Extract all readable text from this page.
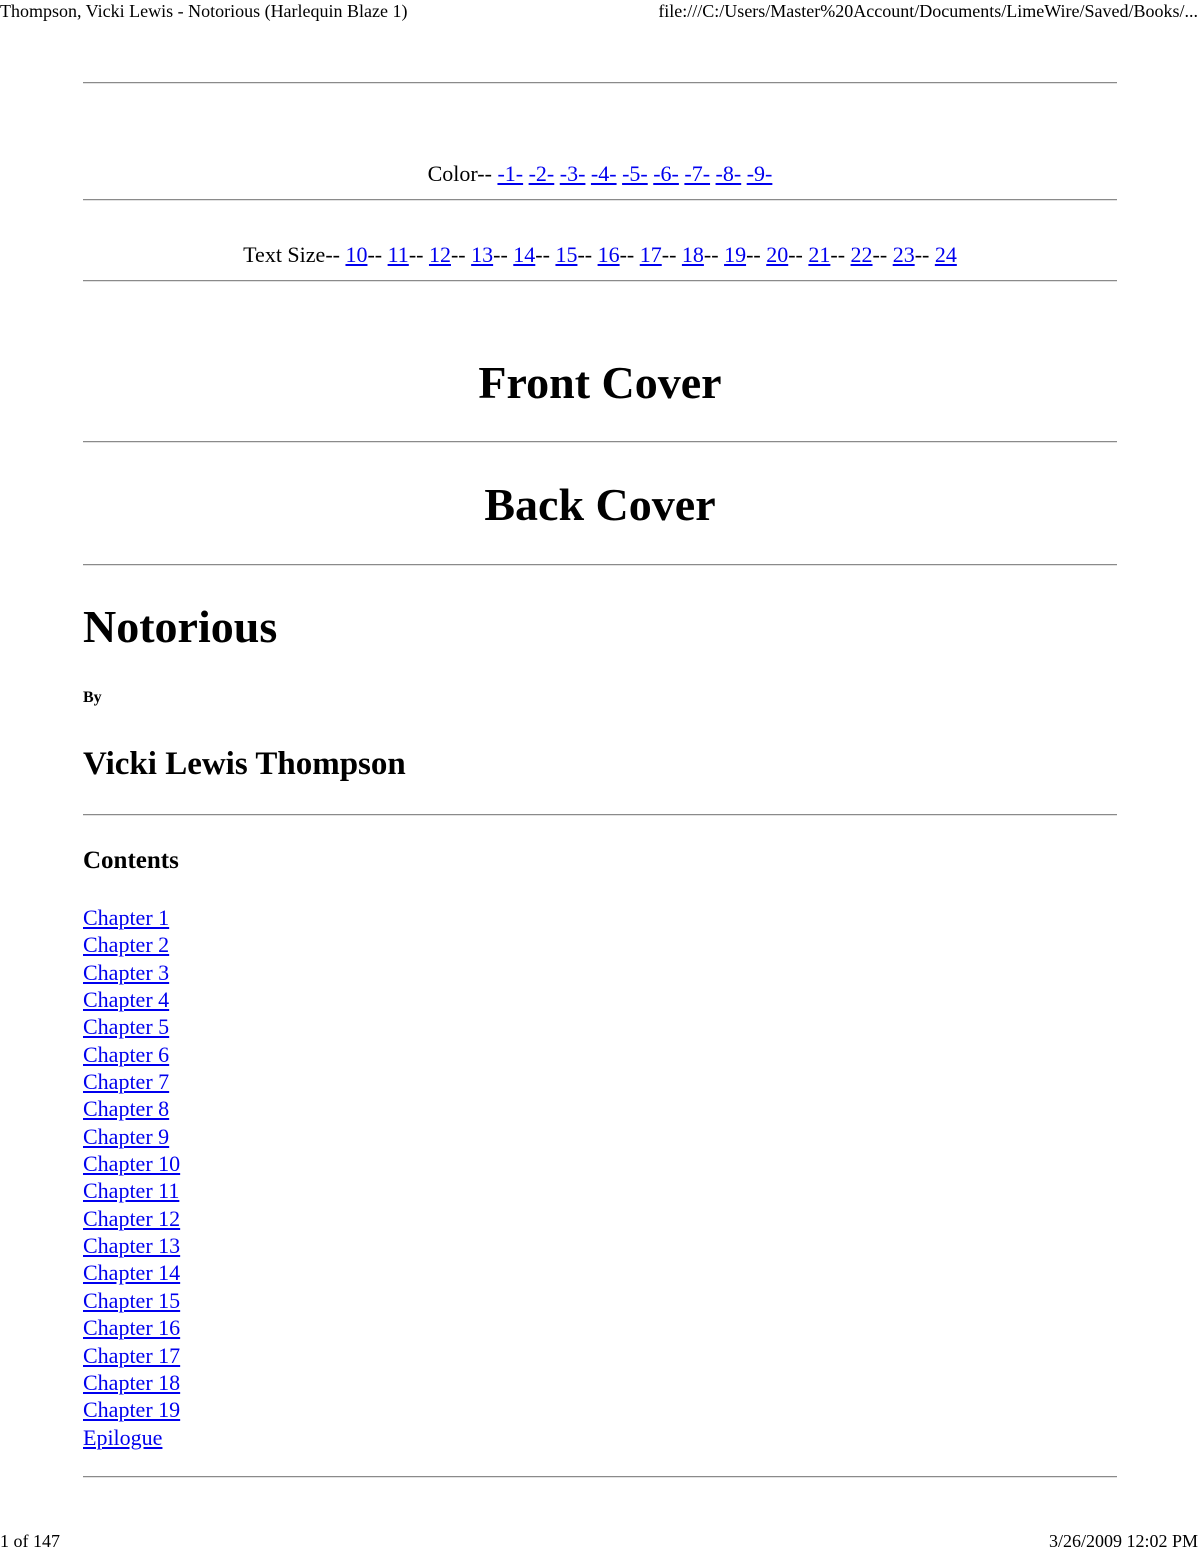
Thompson, Vicki Lewis - Notorious (Harlequin Blaze 1)	file:///C:/Users/Master%20Account/Documents/LimeWire/Saved/Books/...
Color-- -1- -2- -3- -4- -5- -6- -7- -8- -9-
Text Size-- 10-- 11-- 12-- 13-- 14-- 15-- 16-- 17-- 18-- 19-- 20-- 21-- 22-- 23-- 24
Front Cover
Back Cover
Notorious
By
Vicki Lewis Thompson
Contents
Chapter 1
Chapter 2
Chapter 3
Chapter 4
Chapter 5
Chapter 6
Chapter 7
Chapter 8
Chapter 9
Chapter 10
Chapter 11
Chapter 12
Chapter 13
Chapter 14
Chapter 15
Chapter 16
Chapter 17
Chapter 18
Chapter 19
Epilogue
1 of 147	3/26/2009 12:02 PM
